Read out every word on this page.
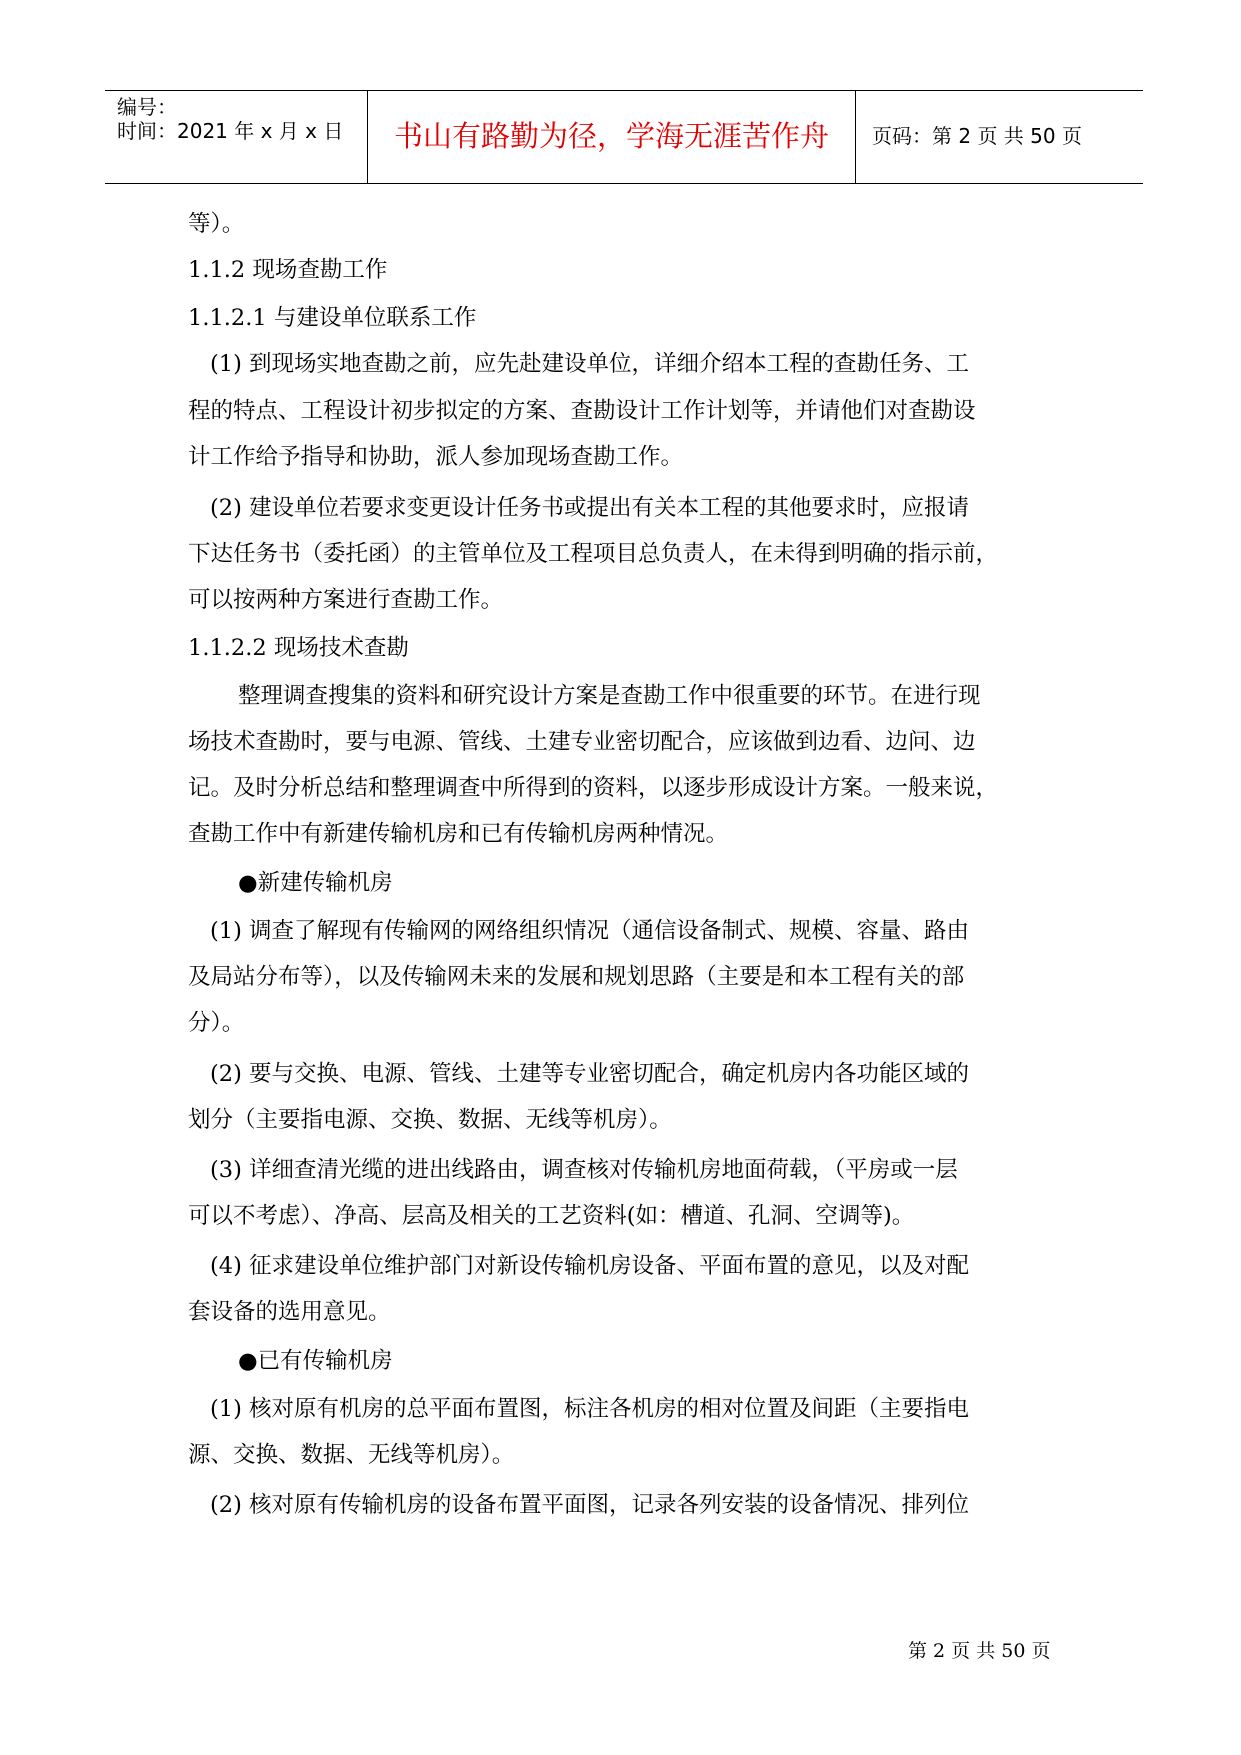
编号：
时间：2021 年 x 月 x 日	书山有路勤为径，学海无涯苦作舟	页码：第 2 页 共 50 页
等）。
1.1.2 现场查勘工作
1.1.2.1 与建设单位联系工作
(1) 到现场实地查勘之前，应先赴建设单位，详细介绍本工程的查勘任务、工
程的特点、工程设计初步拟定的方案、查勘设计工作计划等，并请他们对查勘设
计工作给予指导和协助，派人参加现场查勘工作。
(2) 建设单位若要求变更设计任务书或提出有关本工程的其他要求时，应报请
下达任务书（委托函）的主管单位及工程项目总负责人，在未得到明确的指示前，
可以按两种方案进行查勘工作。
1.1.2.2 现场技术查勘
整理调查搜集的资料和研究设计方案是查勘工作中很重要的环节。在进行现
场技术查勘时，要与电源、管线、土建专业密切配合，应该做到边看、边问、边
记。及时分析总结和整理调查中所得到的资料，以逐步形成设计方案。一般来说，
查勘工作中有新建传输机房和已有传输机房两种情况。
●新建传输机房
(1) 调查了解现有传输网的网络组织情况（通信设备制式、规模、容量、路由
及局站分布等），以及传输网未来的发展和规划思路（主要是和本工程有关的部
分）。
(2) 要与交换、电源、管线、土建等专业密切配合，确定机房内各功能区域的
划分（主要指电源、交换、数据、无线等机房）。
(3) 详细查清光缆的进出线路由，调查核对传输机房地面荷载，（平房或一层
可以不考虑）、净高、层高及相关的工艺资料(如：槽道、孔洞、空调等)。
(4) 征求建设单位维护部门对新设传输机房设备、平面布置的意见，以及对配
套设备的选用意见。
●已有传输机房
(1) 核对原有机房的总平面布置图，标注各机房的相对位置及间距（主要指电
源、交换、数据、无线等机房）。
(2) 核对原有传输机房的设备布置平面图，记录各列安装的设备情况、排列位
第 2 页 共 50 页
